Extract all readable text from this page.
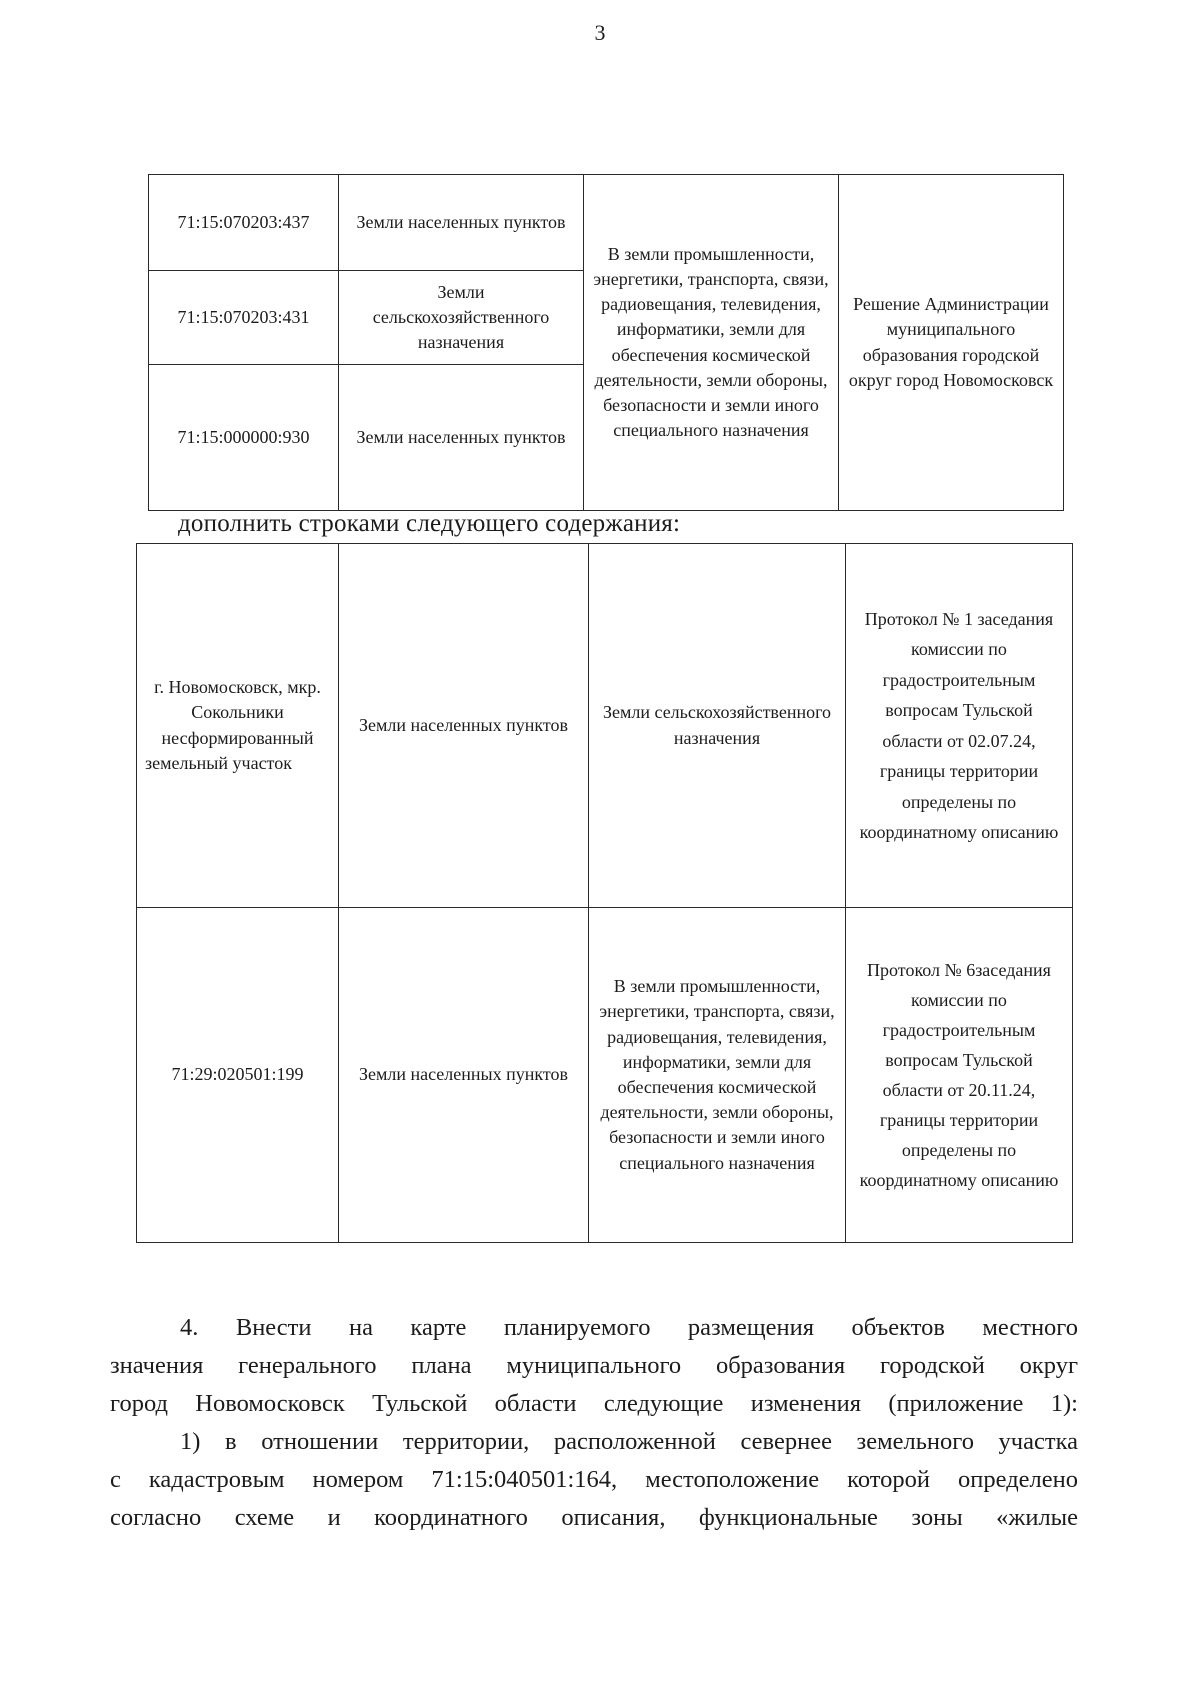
3
71:15:070203:437	Земли населенных пунктов	В земли промышленности, энергетики, транспорта, связи, радиовещания, телевидения, информатики, земли для обеспечения космической деятельности, земли обороны, безопасности и земли иного специального назначения	Решение Администрации муниципального образования городской округ город Новомосковск
71:15:070203:431	Земли сельскохозяйственного назначения		
71:15:000000:930	Земли населенных пунктов		
дополнить строками следующего содержания:
г. Новомосковск, мкр. Сокольники несформированный земельный участок	Земли населенных пунктов	Земли сельскохозяйственного назначения	Протокол № 1 заседания комиссии по градостроительным вопросам Тульской области от 02.07.24, границы территории определены по координатному описанию
71:29:020501:199	Земли населенных пунктов	В земли промышленности, энергетики, транспорта, связи, радиовещания, телевидения, информатики, земли для обеспечения космической деятельности, земли обороны, безопасности и земли иного специального назначения	Протокол № 6заседания комиссии по градостроительным вопросам Тульской области от 20.11.24, границы территории определены по координатному описанию
4. Внести на карте планируемого размещения объектов местного
значения генерального плана муниципального образования городской округ
город Новомосковск Тульской области следующие изменения (приложение 1):
1) в отношении территории, расположенной севернее земельного участка
с кадастровым номером 71:15:040501:164, местоположение которой определено
согласно схеме и координатного описания, функциональные зоны «жилые
